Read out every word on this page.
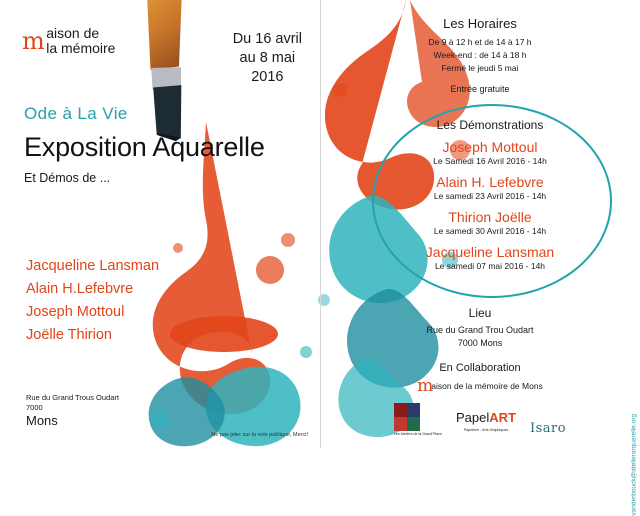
m aison de
la mémoire
Du 16 avril
au 8 mai
2016
Ode à La Vie
Exposition Aquarelle
Et Démos de ...
Jacqueline Lansman
Alain H.Lefebvre
Joseph Mottoul
Joëlle Thirion
Rue du Grand Trous Oudart
7000
Mons
Ne pas jeter sur la voie publique, Merci!
Les Horaires
De 9 à 12 h et de 14 à 17 h
Week-end : de 14 à 18 h
Fermé le jeudi 5 mai
Entrée gratuite
Les Démonstrations
Joseph Mottoul
Le Samedi 16 Avril 2016 - 14h
Alain H. Lefebvre
Le samedi 23 Avril 2016 - 14h
Thirion Joëlle
Le samedi 30 Avril 2016 - 14h
Jacqueline Lansman
Le samedi 07 mai 2016 - 14h
Lieu
Rue du Grand Trou Oudart
7000 Mons
En Collaboration
maison de la mémoire de Mons
Les Ateliers de la Grand'Place
PapelART
Papeterie - Arts Graphiques	Isaro	vanderbouck@atelierarquarelle.org
